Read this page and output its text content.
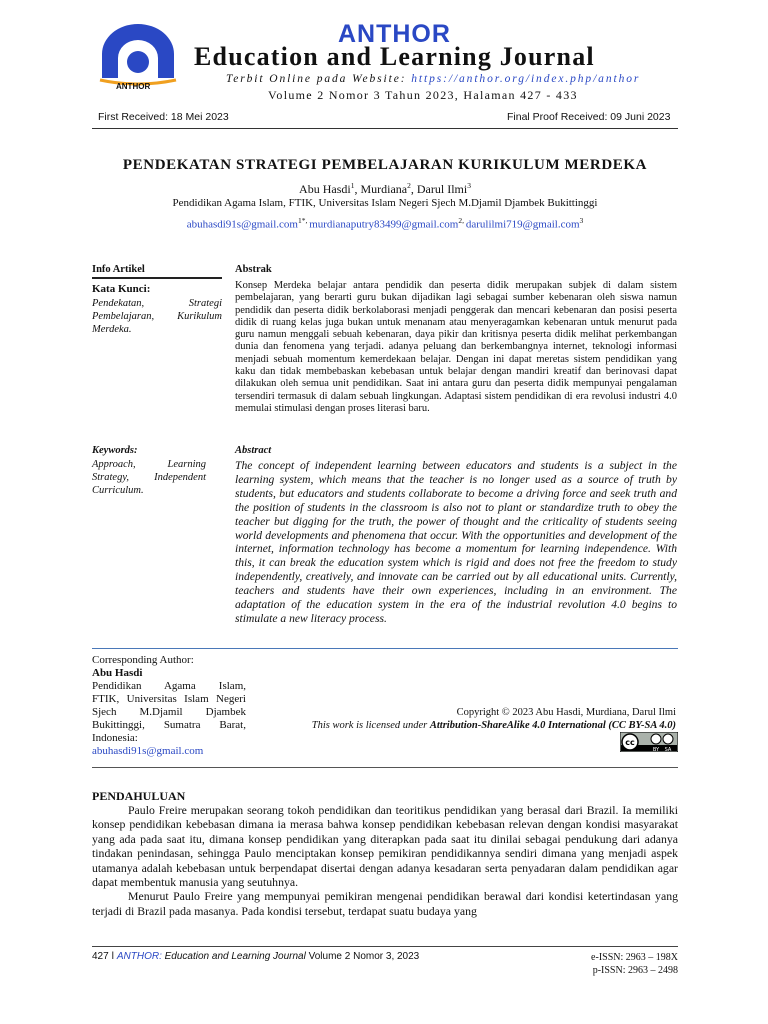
ANTHOR
ANTHOR
Education and Learning Journal
Terbit Online pada Website: https://anthor.org/index.php/anthor
Volume 2 Nomor 3 Tahun 2023, Halaman 427 - 433
First Received: 18 Mei 2023	Final Proof Received: 09 Juni 2023
PENDEKATAN STRATEGI PEMBELAJARAN KURIKULUM MERDEKA
Abu Hasdi$^1$, Murdiana$^2$, Darul Ilmi$^3$
Pendidikan Agama Islam, FTIK, Universitas Islam Negeri Sjech M.Djamil Djambek Bukittinggi
abuhasdi91s@gmail.com$^{1*,}$ murdianaputry83499@gmail.com$^{2,}$ darulilmi719@gmail.com$^3$
Info Artikel
Kata Kunci:
Pendekatan, Strategi Pembelajaran, Kurikulum Merdeka.
Keywords:
Approach, Learning Strategy, Independent Curriculum.
Abstrak
Konsep Merdeka belajar antara pendidik dan peserta didik merupakan subjek di dalam sistem pembelajaran, yang berarti guru bukan dijadikan lagi sebagai sumber kebenaran oleh siswa namun pendidik dan peserta didik berkolaborasi menjadi penggerak dan mencari kebenaran dan posisi peserta didik di ruang kelas juga bukan untuk menanam atau menyeragamkan kebenaran untuk menurut pada guru namun menggali sebuah kebenaran, daya pikir dan kritisnya peserta didik melihat perkembangan dunia dan fenomena yang terjadi. adanya peluang dan berkembangnya internet, teknologi informasi menjadi sebuah momentum kemerdekaan belajar. Dengan ini dapat meretas sistem pendidikan yang kaku dan tidak membebaskan kebebasan untuk belajar dengan mandiri kreatif dan berinovasi dapat dilakukan oleh semua unit pendidikan. Saat ini antara guru dan peserta didik mempunyai pengalaman tersendiri termasuk di dalam sebuah lingkungan. Adaptasi sistem pendidikan di era revolusi industri 4.0 memulai stimulasi dengan proses literasi baru.
Abstract
The concept of independent learning between educators and students is a subject in the learning system, which means that the teacher is no longer used as a source of truth by students, but educators and students collaborate to become a driving force and seek truth and the position of students in the classroom is also not to plant or standardize truth to obey the teacher but digging for the truth, the power of thought and the criticality of students seeing world developments and phenomena that occur. With the opportunities and development of the internet, information technology has become a momentum for learning independence. With this, it can break the education system which is rigid and does not free the freedom to study independently, creatively, and innovate can be carried out by all educational units. Currently, teachers and students have their own experiences, including in an environment. The adaptation of the education system in the era of the industrial revolution 4.0 begins to stimulate a new literacy process.
Corresponding Author:
Abu Hasdi
Pendidikan Agama Islam,
FTIK, Universitas Islam Negeri
Sjech M.Djamil Djambek
Bukittinggi, Sumatra Barat,
Indonesia:
abuhasdi91s@gmail.com
Copyright © 2023 Abu Hasdi, Murdiana, Darul Ilmi
This work is licensed under Attribution-ShareAlike 4.0 International (CC BY-SA 4.0)
cc
BY SA
PENDAHULUAN

Paulo Freire merupakan seorang tokoh pendidikan dan teoritikus pendidikan yang berasal dari Brazil. Ia memiliki konsep pendidikan kebebasan dimana ia merasa bahwa konsep pendidikan kebebasan relevan dengan kondisi masyarakat yang ada pada saat itu, dimana konsep pendidikan yang diterapkan pada saat itu dinilai sebagai pendukung dari adanya tindakan penindasan, sehingga Paulo menciptakan konsep pemikiran pendidikannya sendiri dimana yang menjadi aspek utamanya adalah kebebasan untuk berpendapat disertai dengan adanya kesadaran serta penyadaran dalam pendidikan agar dapat membentuk manusia yang seutuhnya.

Menurut Paulo Freire yang mempunyai pemikiran mengenai pendidikan berawal dari kondisi ketertindasan yang terjadi di Brazil pada masanya. Pada kondisi tersebut, terdapat suatu budaya yang

427 ǀ ANTHOR: Education and Learning Journal Volume 2 Nomor 3, 2023	e-ISSN: 2963 – 198X
p-ISSN: 2963 – 2498
